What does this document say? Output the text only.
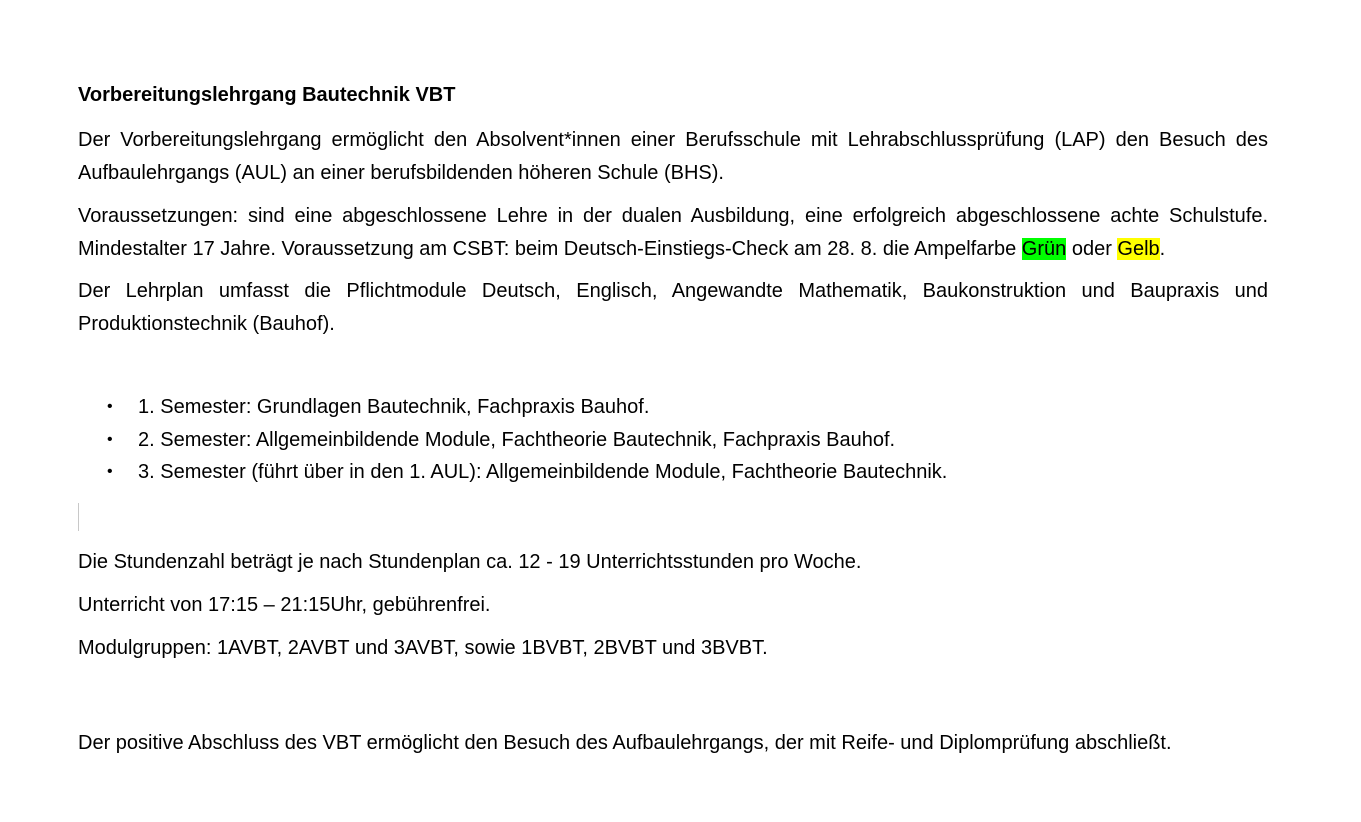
Vorbereitungslehrgang Bautechnik VBT

Der Vorbereitungslehrgang ermöglicht den Absolvent*innen einer Berufsschule mit Lehrabschlussprüfung (LAP) den Besuch des Aufbaulehrgangs (AUL) an einer berufsbildenden höheren Schule (BHS).

Voraussetzungen: sind eine abgeschlossene Lehre in der dualen Ausbildung, eine erfolgreich abgeschlossene achte Schulstufe. Mindestalter 17 Jahre. Voraussetzung am CSBT: beim Deutsch-Einstiegs-Check am 28. 8. die Ampelfarbe Grün oder Gelb.

Der Lehrplan umfasst die Pflichtmodule Deutsch, Englisch, Angewandte Mathematik, Baukonstruktion und Baupraxis und Produktionstechnik (Bauhof).

• 1. Semester: Grundlagen Bautechnik, Fachpraxis Bauhof.
• 2. Semester: Allgemeinbildende Module, Fachtheorie Bautechnik, Fachpraxis Bauhof.
• 3. Semester (führt über in den 1. AUL): Allgemeinbildende Module, Fachtheorie Bautechnik.

Die Stundenzahl beträgt je nach Stundenplan ca. 12 - 19 Unterrichtsstunden pro Woche.

Unterricht von 17:15 – 21:15Uhr, gebührenfrei.

Modulgruppen: 1AVBT, 2AVBT und 3AVBT, sowie 1BVBT, 2BVBT und 3BVBT.

Der positive Abschluss des VBT ermöglicht den Besuch des Aufbaulehrgangs, der mit Reife- und Diplomprüfung abschließt.
